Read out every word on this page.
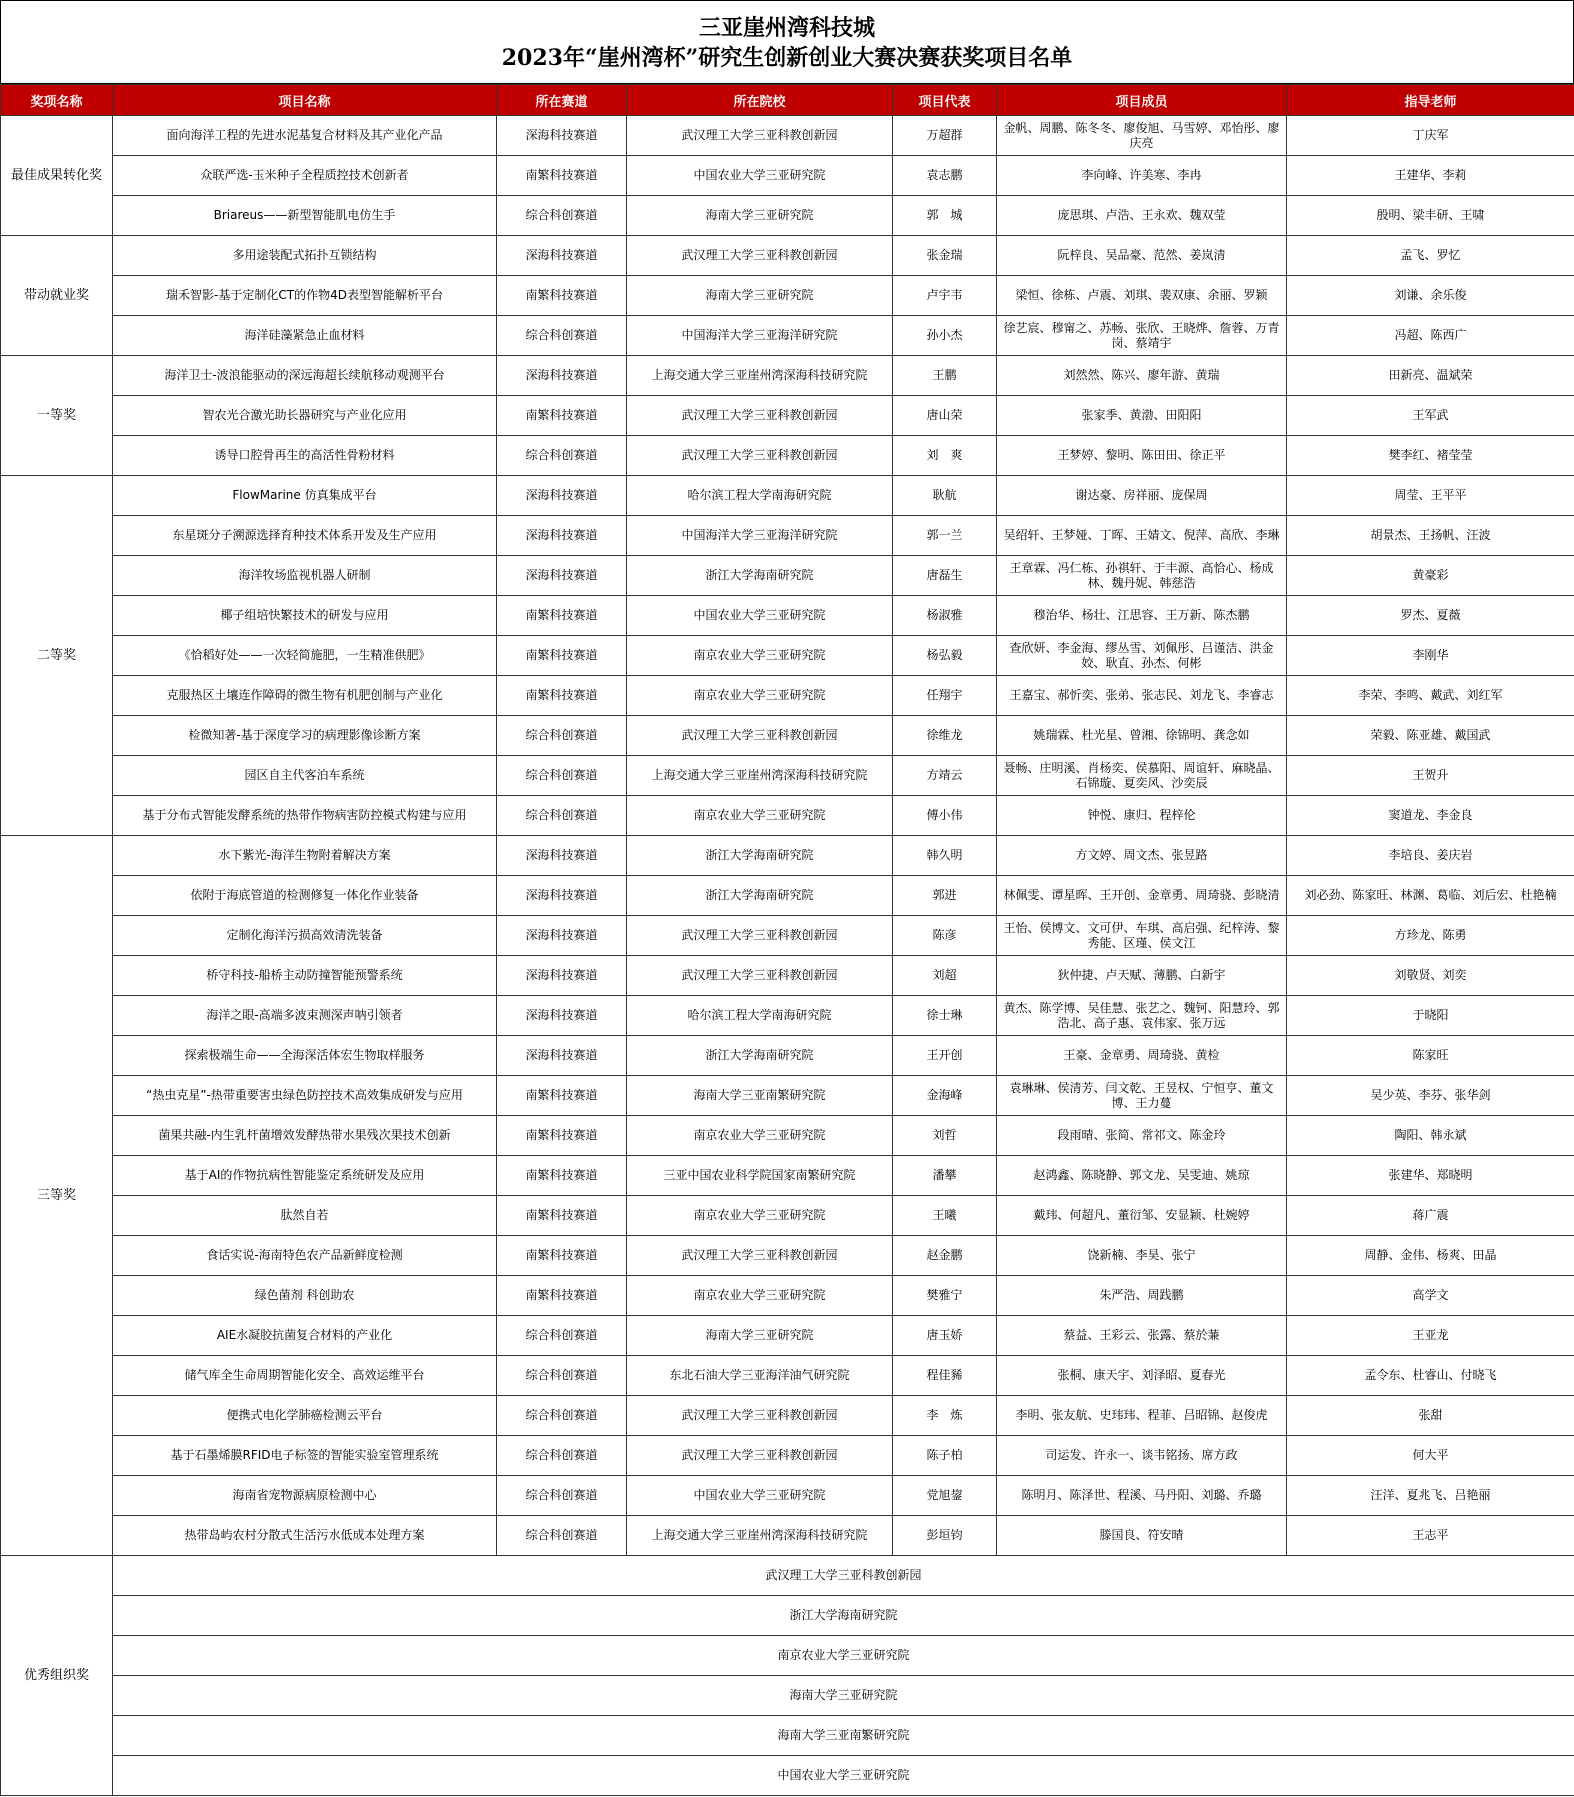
三亚崖州湾科技城
2023年“崖州湾杯”研究生创新创业大赛决赛获奖项目名单
奖项名称	项目名称	所在赛道	所在院校	项目代表	项目成员	指导老师
最佳成果转化奖	面向海洋工程的先进水泥基复合材料及其产业化产品	深海科技赛道	武汉理工大学三亚科教创新园	万超群	金帆、周鹏、陈冬冬、廖俊旭、马雪婷、邓怡彤、廖庆亮	丁庆军
	众联严选-玉米种子全程质控技术创新者	南繁科技赛道	中国农业大学三亚研究院	袁志鹏	李向峰、许美寒、李冉	王建华、李莉
	Briareus——新型智能肌电仿生手	综合科创赛道	海南大学三亚研究院	郭　城	庞思琪、卢浩、王永欢、魏双莹	殷明、梁丰研、王啸
带动就业奖	多用途装配式拓扑互锁结构	深海科技赛道	武汉理工大学三亚科教创新园	张金瑞	阮梓良、吴品豪、范然、姜岚清	孟飞、罗忆
	瑞禾智影-基于定制化CT的作物4D表型智能解析平台	南繁科技赛道	海南大学三亚研究院	卢宇韦	梁恒、徐栋、卢震、刘琪、裴双康、余丽、罗颖	刘谦、余乐俊
	海洋硅藻紧急止血材料	综合科创赛道	中国海洋大学三亚海洋研究院	孙小杰	徐艺宸、穆甯之、苏畅、张欣、王晓烨、詹蓉、万青岗、蔡靖宇	冯超、陈西广
一等奖	海洋卫士-波浪能驱动的深远海超长续航移动观测平台	深海科技赛道	上海交通大学三亚崖州湾深海科技研究院	王鹏	刘然然、陈兴、廖年游、黄瑞	田新亮、温斌荣
	智农光合激光助长器研究与产业化应用	南繁科技赛道	武汉理工大学三亚科教创新园	唐山荣	张家季、黄渤、田阳阳	王军武
	诱导口腔骨再生的高活性骨粉材料	综合科创赛道	武汉理工大学三亚科教创新园	刘　爽	王梦婷、黎明、陈田田、徐正平	樊李红、褚莹莹
二等奖	FlowMarine 仿真集成平台	深海科技赛道	哈尔滨工程大学南海研究院	耿航	谢达豪、房祥丽、庞保周	周莹、王平平
	东星斑分子溯源选择育种技术体系开发及生产应用	深海科技赛道	中国海洋大学三亚海洋研究院	郭一兰	吴绍轩、王梦娅、丁晖、王婧文、倪萍、高欣、李琳	胡景杰、王扬帆、汪波
	海洋牧场监视机器人研制	深海科技赛道	浙江大学海南研究院	唐磊生	王章霖、冯仁栋、孙祺轩、于丰源、高恰心、杨成林、魏丹妮、韩慈浩	黄豪彩
	椰子组培快繁技术的研发与应用	南繁科技赛道	中国农业大学三亚研究院	杨淑雅	穆治华、杨壮、江思容、王万新、陈杰鹏	罗杰、夏薇
	《恰稻好处——一次轻简施肥，一生精准供肥》	南繁科技赛道	南京农业大学三亚研究院	杨弘毅	查欣妍、李金海、缪丛雪、刘佩彤、吕谨洁、洪金姣、耿直、孙杰、何彬	李刚华
	克服热区土壤连作障碍的微生物有机肥创制与产业化	南繁科技赛道	南京农业大学三亚研究院	任翔宇	王嘉宝、郝忻奕、张弟、张志民、刘龙飞、李睿志	李荣、李鸣、戴武、刘红军
	检微知著-基于深度学习的病理影像诊断方案	综合科创赛道	武汉理工大学三亚科教创新园	徐维龙	姚瑞霖、杜光星、曾湘、徐锦明、龚念如	荣毅、陈亚雄、戴国武
	园区自主代客泊车系统	综合科创赛道	上海交通大学三亚崖州湾深海科技研究院	方靖云	聂畅、庄明溪、肖杨奕、侯慕阳、周谊轩、麻晓晶、石锦璇、夏奕风、沙奕辰	王贺升
	基于分布式智能发酵系统的热带作物病害防控模式构建与应用	综合科创赛道	南京农业大学三亚研究院	傅小伟	钟悦、康归、程梓伦	窦道龙、李金良
三等奖	水下紫光-海洋生物附着解决方案	深海科技赛道	浙江大学海南研究院	韩久明	方文婷、周文杰、张昱路	李培良、姜庆岩
	依附于海底管道的检测修复一体化作业装备	深海科技赛道	浙江大学海南研究院	郭进	林佩雯、谭星晖、王开创、金章勇、周琦骁、彭晓清	刘必劲、陈家旺、林渊、葛临、刘后宏、杜艳楠
	定制化海洋污损高效清洗装备	深海科技赛道	武汉理工大学三亚科教创新园	陈彦	王怡、侯博文、文可伊、车琪、高启强、纪梓涛、黎秀能、区瑾、侯文江	方珍龙、陈勇
	桥守科技-船桥主动防撞智能预警系统	深海科技赛道	武汉理工大学三亚科教创新园	刘超	狄仲捷、卢天赋、薄鹏、白新宇	刘敬贤、刘奕
	海洋之眼-高端多波束测深声呐引领者	深海科技赛道	哈尔滨工程大学南海研究院	徐士琳	黄杰、陈学博、吴佳慧、张艺之、魏钶、阳慧玲、郭浩北、高子惠、袁伟家、张万远	于晓阳
	探索极端生命——全海深活体宏生物取样服务	深海科技赛道	浙江大学海南研究院	王开创	王豪、金章勇、周琦骁、黄检	陈家旺
	“热虫克星”-热带重要害虫绿色防控技术高效集成研发与应用	南繁科技赛道	海南大学三亚南繁研究院	金海峰	袁琳琳、侯清芳、闫文乾、王昱权、宁恒亨、董文博、王力蔓	吴少英、李芬、张华剑
	菌果共融-内生乳杆菌增效发酵热带水果残次果技术创新	南繁科技赛道	南京农业大学三亚研究院	刘哲	段雨晴、张简、常祁文、陈金玲	陶阳、韩永斌
	基于AI的作物抗病性智能鉴定系统研发及应用	南繁科技赛道	三亚中国农业科学院国家南繁研究院	潘攀	赵鸿鑫、陈晓静、郭文龙、吴雯迪、姚琼	张建华、郑晓明
	肽然自若	南繁科技赛道	南京农业大学三亚研究院	王曦	戴玮、何超凡、董衍邹、安显颖、杜婉婷	蒋广震
	食话实说-海南特色农产品新鲜度检测	南繁科技赛道	武汉理工大学三亚科教创新园	赵金鹏	饶新楠、李昊、张宁	周静、金伟、杨爽、田晶
	绿色菌剂 科创助农	南繁科技赛道	南京农业大学三亚研究院	樊雅宁	朱严浩、周践鹏	高学文
	AIE水凝胶抗菌复合材料的产业化	综合科创赛道	海南大学三亚研究院	唐玉娇	蔡益、王彩云、张露、蔡於蒹	王亚龙
	储气库全生命周期智能化安全、高效运维平台	综合科创赛道	东北石油大学三亚海洋油气研究院	程佳豨	张桐、康天宇、刘泽昭、夏春光	孟令东、杜睿山、付晓飞
	便携式电化学肺癌检测云平台	综合科创赛道	武汉理工大学三亚科教创新园	李　炼	李明、张友航、史玮玮、程菲、吕昭锦、赵俊虎	张甜
	基于石墨烯膜RFID电子标签的智能实验室管理系统	综合科创赛道	武汉理工大学三亚科教创新园	陈子柏	司运发、许永一、谈韦铭扬、席方政	何大平
	海南省宠物源病原检测中心	综合科创赛道	中国农业大学三亚研究院	党旭鋆	陈明月、陈泽世、程溪、马丹阳、刘璐、乔璐	汪洋、夏兆飞、吕艳丽
	热带岛屿农村分散式生活污水低成本处理方案	综合科创赛道	上海交通大学三亚崖州湾深海科技研究院	彭垣钧	滕国良、符安晴	王志平
优秀组织奖	武汉理工大学三亚科教创新园					
	浙江大学海南研究院					
	南京农业大学三亚研究院					
	海南大学三亚研究院					
	海南大学三亚南繁研究院					
	中国农业大学三亚研究院					
